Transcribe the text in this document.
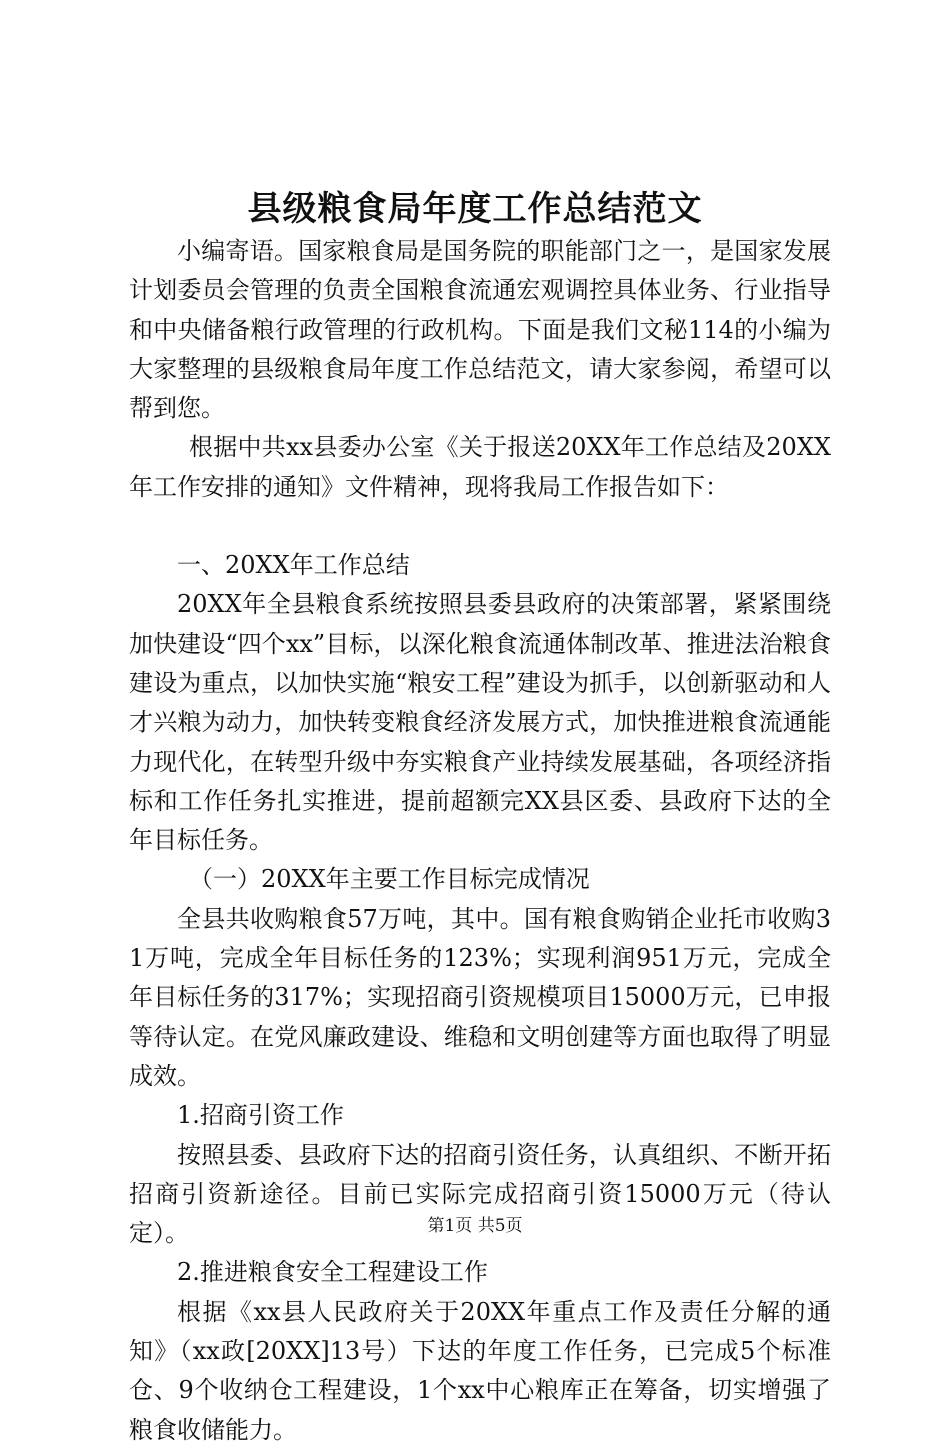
县级粮食局年度工作总结范文

小编寄语。国家粮食局是国务院的职能部门之一，是国家发展计划委员会管理的负责全国粮食流通宏观调控具体业务、行业指导和中央储备粮行政管理的行政机构。下面是我们文秘114的小编为大家整理的县级粮食局年度工作总结范文，请大家参阅，希望可以帮到您。

根据中共xx县委办公室《关于报送20XX年工作总结及20XX年工作安排的通知》文件精神，现将我局工作报告如下：

一、20XX年工作总结

20XX年全县粮食系统按照县委县政府的决策部署，紧紧围绕加快建设“四个xx”目标，以深化粮食流通体制改革、推进法治粮食建设为重点，以加快实施“粮安工程”建设为抓手，以创新驱动和人才兴粮为动力，加快转变粮食经济发展方式，加快推进粮食流通能力现代化，在转型升级中夯实粮食产业持续发展基础，各项经济指标和工作任务扎实推进，提前超额完XX县区委、县政府下达的全年目标任务。

（一）20XX年主要工作目标完成情况

全县共收购粮食57万吨，其中。国有粮食购销企业托市收购31万吨，完成全年目标任务的123%；实现利润951万元，完成全年目标任务的317%；实现招商引资规模项目15000万元，已申报等待认定。在党风廉政建设、维稳和文明创建等方面也取得了明显成效。

1.招商引资工作

按照县委、县政府下达的招商引资任务，认真组织、不断开拓招商引资新途径。目前已实际完成招商引资15000万元（待认定）。

2.推进粮食安全工程建设工作

根据《xx县人民政府关于20XX年重点工作及责任分解的通知》（xx政[20XX]13号）下达的年度工作任务，已完成5个标准仓、9个收纳仓工程建设，1个xx中心粮库正在筹备，切实增强了粮食收储能力。

第1页 共5页
